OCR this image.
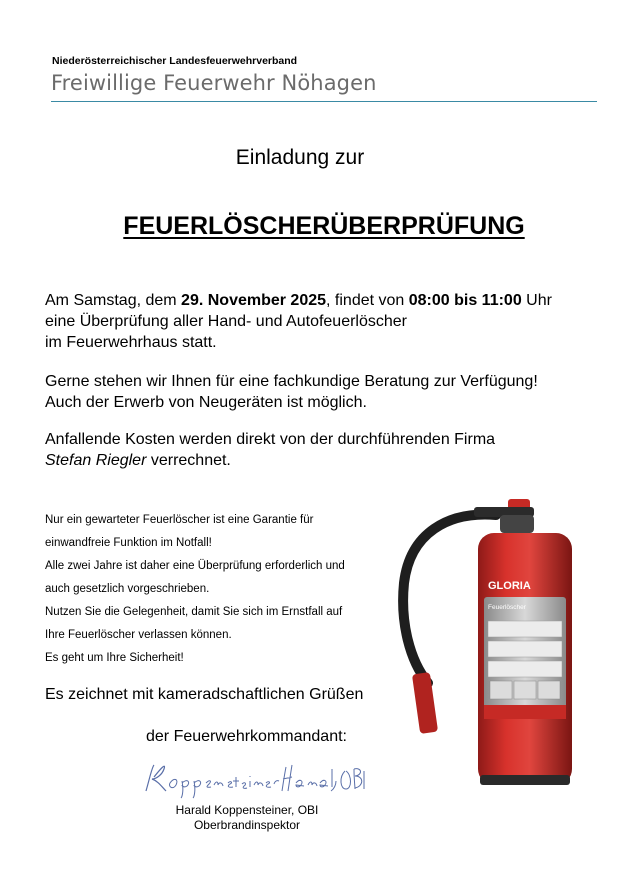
Niederösterreichischer Landesfeuerwehrverband
Freiwillige Feuerwehr Nöhagen
Einladung zur
FEUERLÖSCHERÜBERPRÜFUNG
Am Samstag, dem 29. November 2025, findet von 08:00 bis 11:00 Uhr
eine Überprüfung aller Hand- und Autofeuerlöscher
im Feuerwehrhaus statt.
Gerne stehen wir Ihnen für eine fachkundige Beratung zur Verfügung!
Auch der Erwerb von Neugeräten ist möglich.
Anfallende Kosten werden direkt von der durchführenden Firma
Stefan Riegler verrechnet.
Nur ein gewarteter Feuerlöscher ist eine Garantie für
einwandfreie Funktion im Notfall!
Alle zwei Jahre ist daher eine Überprüfung erforderlich und
auch gesetzlich vorgeschrieben.
Nutzen Sie die Gelegenheit, damit Sie sich im Ernstfall auf
Ihre Feuerlöscher verlassen können.
Es geht um Ihre Sicherheit!
Es zeichnet mit kameradschaftlichen Grüßen
der Feuerwehrkommandant:
Koppensteiner Harald, OBI
Harald Koppensteiner, OBI
Oberbrandinspektor
GLORIA
Feuerlöscher
